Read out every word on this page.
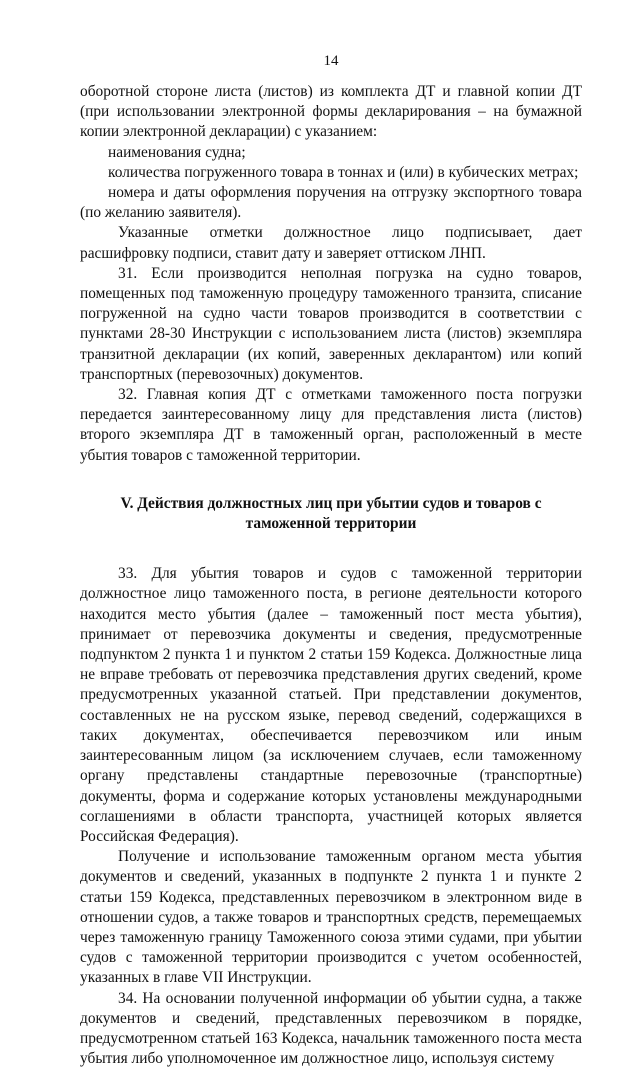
14

оборотной стороне листа (листов) из комплекта ДТ и главной копии ДТ (при использовании электронной формы декларирования – на бумажной копии электронной декларации) с указанием:

наименования судна;

количества погруженного товара в тоннах и (или) в кубических метрах;

номера и даты оформления поручения на отгрузку экспортного товара (по желанию заявителя).

Указанные отметки должностное лицо подписывает, дает расшифровку подписи, ставит дату и заверяет оттиском ЛНП.

31. Если производится неполная погрузка на судно товаров, помещенных под таможенную процедуру таможенного транзита, списание погруженной на судно части товаров производится в соответствии с пунктами 28-30 Инструкции с использованием листа (листов) экземпляра транзитной декларации (их копий, заверенных декларантом) или копий транспортных (перевозочных) документов.

32. Главная копия ДТ с отметками таможенного поста погрузки передается заинтересованному лицу для представления листа (листов) второго экземпляра ДТ в таможенный орган, расположенный в месте убытия товаров с таможенной территории.

V. Действия должностных лиц при убытии судов и товаров с таможенной территории

33. Для убытия товаров и судов с таможенной территории должностное лицо таможенного поста, в регионе деятельности которого находится место убытия (далее – таможенный пост места убытия), принимает от перевозчика документы и сведения, предусмотренные подпунктом 2 пункта 1 и пунктом 2 статьи 159 Кодекса. Должностные лица не вправе требовать от перевозчика представления других сведений, кроме предусмотренных указанной статьей. При представлении документов, составленных не на русском языке, перевод сведений, содержащихся в таких документах, обеспечивается перевозчиком или иным заинтересованным лицом (за исключением случаев, если таможенному органу представлены стандартные перевозочные (транспортные) документы, форма и содержание которых установлены международными соглашениями в области транспорта, участницей которых является Российская Федерация).

Получение и использование таможенным органом места убытия документов и сведений, указанных в подпункте 2 пункта 1 и пункте 2 статьи 159 Кодекса, представленных перевозчиком в электронном виде в отношении судов, а также товаров и транспортных средств, перемещаемых через таможенную границу Таможенного союза этими судами, при убытии судов с таможенной территории производится с учетом особенностей, указанных в главе VII Инструкции.

34. На основании полученной информации об убытии судна, а также документов и сведений, представленных перевозчиком в порядке, предусмотренном статьей 163 Кодекса, начальник таможенного поста места убытия либо уполномоченное им должностное лицо, используя систему
